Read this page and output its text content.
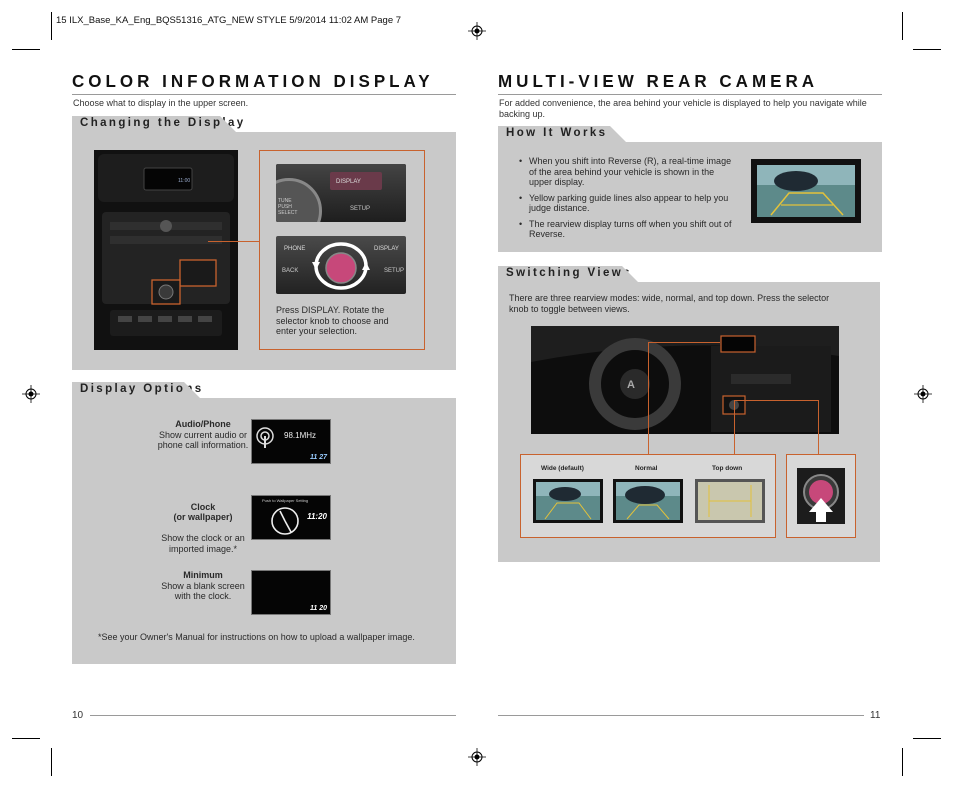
15 ILX_Base_KA_Eng_BQS51316_ATG_NEW STYLE 5/9/2014 11:02 AM Page 7
COLOR INFORMATION DISPLAY
Choose what to display in the upper screen.
Changing the Display
11:00	DISPLAY
TUNE
PUSH
SELECT
SETUP
PHONE	DISPLAY
BACK	SETUP
Press DISPLAY. Rotate the selector knob to choose and enter your selection.
Display Options
Audio/Phone
Show current audio or phone call information.
98.1MHz
11 27

Clock
(or wallpaper)

Show the clock or an imported image.*

Push to Wallpaper Setting
11:20
Minimum
Show a blank screen with the clock.
11 20
*See your Owner's Manual for instructions on how to upload a wallpaper image.
10
MULTI-VIEW REAR CAMERA
For added convenience, the area behind your vehicle is displayed to help you navigate while backing up.
How It Works
• When you shift into Reverse (R), a real-time image of the area behind your vehicle is shown in the upper display.
• Yellow parking guide lines also appear to help you judge distance.
• The rearview display turns off when you shift out of Reverse.
Switching Views
There are three rearview modes: wide, normal, and top down. Press the selector knob to toggle between views.
A
Wide (default)	Normal	Top down
11
